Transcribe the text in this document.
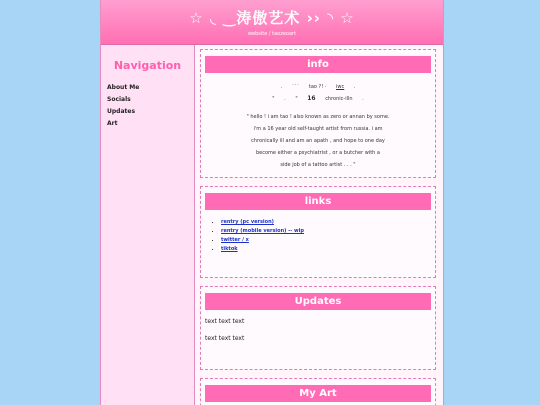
☆ ◟ ‿涛傲艺术 ›› ◝ ☆
website / taozeoart
Navigation
About Me
Socials
Updates
Art
info
. ˙˙˙ tao ?! · iwc .
" . " 16 chronic-illn .
" hello ! i am tao ! also known as zero or annan by some.
i'm a 16 year old self-taught artist from russia. i am
chronically ill and am an apath , and hope to one day
become either a psychiatrist , or a butcher with a
side job of a tattoo artist . . . "
links
• rentry (pc version)
• rentry (mobile version) -- wip
• twitter / x
• tiktok
Updates

text text text

text text text

My Art
